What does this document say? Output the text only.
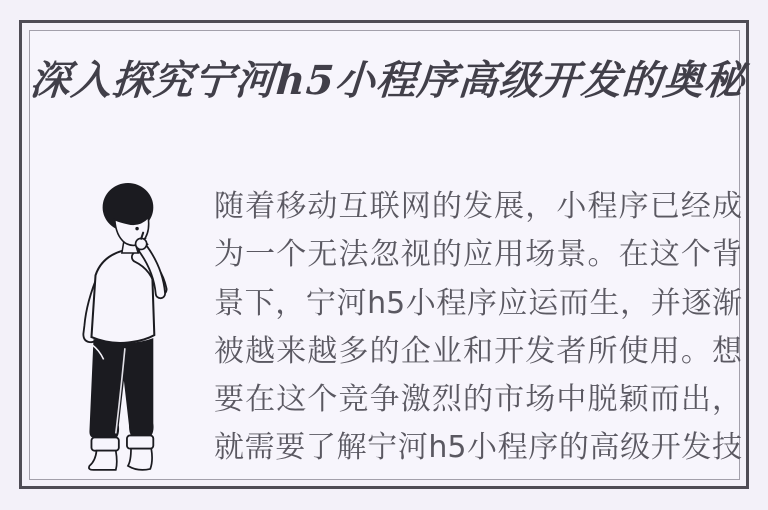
深入探究宁河h5小程序高级开发的奥秘
随着移动互联网的发展，小程序已经成
为一个无法忽视的应用场景。在这个背
景下，宁河h5小程序应运而生，并逐渐
被越来越多的企业和开发者所使用。想
要在这个竞争激烈的市场中脱颖而出，
就需要了解宁河h5小程序的高级开发技
